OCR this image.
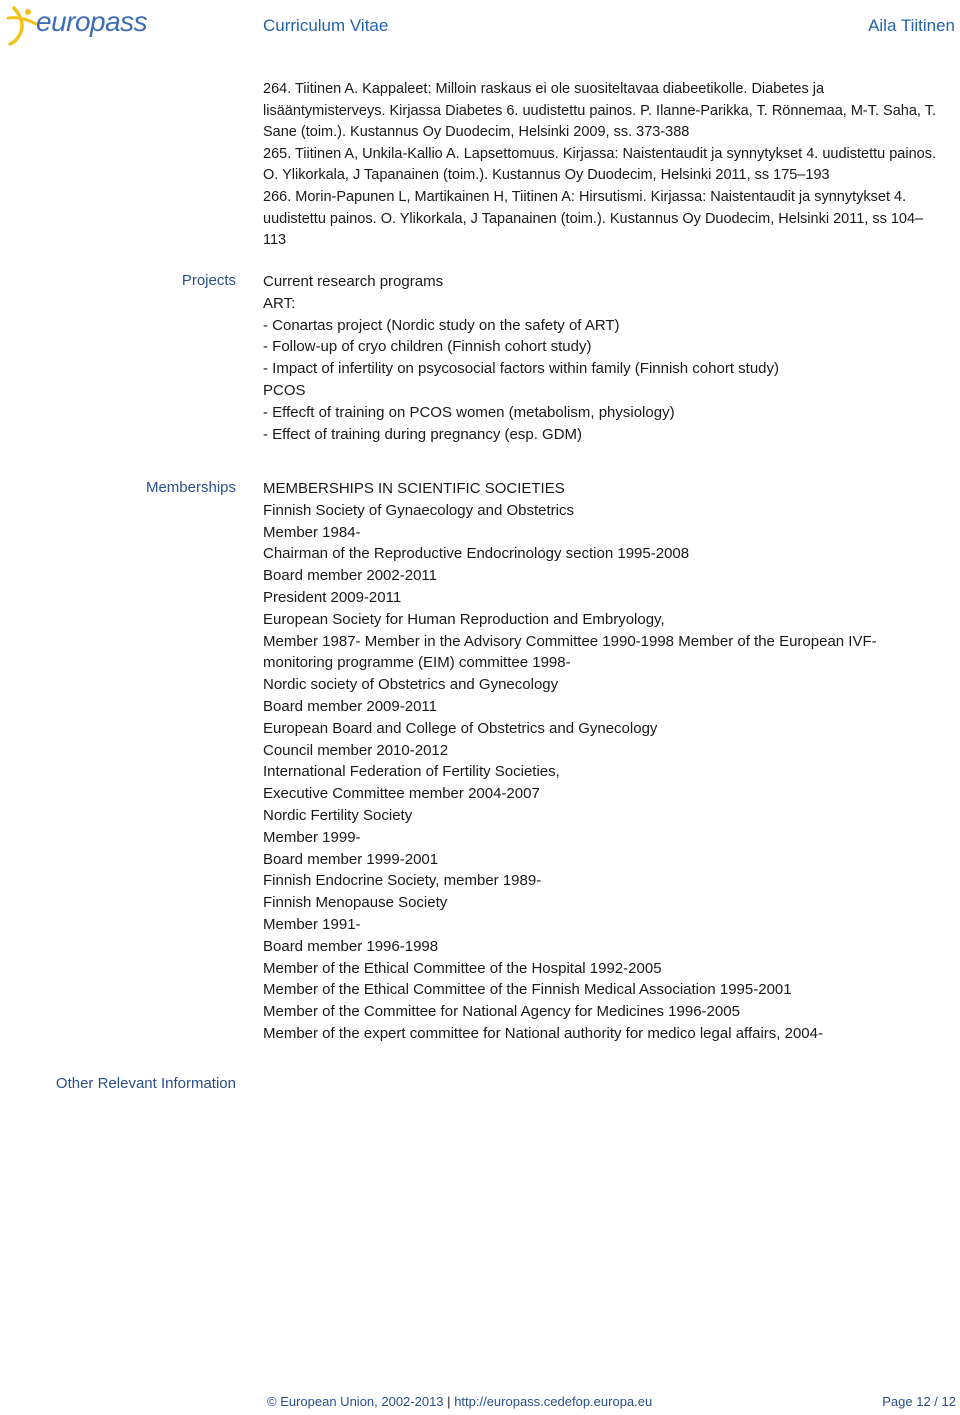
europass	Curriculum Vitae	Aila Tiitinen

264. Tiitinen A. Kappaleet: Milloin raskaus ei ole suositeltavaa diabeetikolle. Diabetes ja lisääntymisterveys. Kirjassa Diabetes 6. uudistettu painos. P. Ilanne-Parikka, T. Rönnemaa, M-T. Saha, T. Sane (toim.). Kustannus Oy Duodecim, Helsinki 2009, ss. 373-388

265. Tiitinen A, Unkila-Kallio A. Lapsettomuus. Kirjassa: Naistentaudit ja synnytykset 4. uudistettu painos. O. Ylikorkala, J Tapanainen (toim.). Kustannus Oy Duodecim, Helsinki 2011, ss 175–193

266. Morin-Papunen L, Martikainen H, Tiitinen A: Hirsutismi. Kirjassa: Naistentaudit ja synnytykset 4. uudistettu painos. O. Ylikorkala, J Tapanainen (toim.). Kustannus Oy Duodecim, Helsinki 2011, ss 104–113

Projects Current research programs
ART:
- Conartas project (Nordic study on the safety of ART)
- Follow-up of cryo children (Finnish cohort study)
- Impact of infertility on psycosocial factors within family (Finnish cohort study)
PCOS
- Effecft of training on PCOS women (metabolism, physiology)
- Effect of training during pregnancy (esp. GDM)
Memberships MEMBERSHIPS IN SCIENTIFIC SOCIETIES
Finnish Society of Gynaecology and Obstetrics
Member 1984-
Chairman of the Reproductive Endocrinology section 1995-2008
Board member 2002-2011
President 2009-2011
European Society for Human Reproduction and Embryology,
Member 1987- Member in the Advisory Committee 1990-1998 Member of the European IVF-monitoring programme (EIM) committee 1998-
Nordic society of Obstetrics and Gynecology
Board member 2009-2011
European Board and College of Obstetrics and Gynecology
Council member 2010-2012
International Federation of Fertility Societies,
Executive Committee member 2004-2007
Nordic Fertility Society
Member 1999-
Board member 1999-2001
Finnish Endocrine Society, member 1989-
Finnish Menopause Society
Member 1991-
Board member 1996-1998
Member of the Ethical Committee of the Hospital 1992-2005
Member of the Ethical Committee of the Finnish Medical Association 1995-2001
Member of the Committee for National Agency for Medicines 1996-2005
Member of the expert committee for National authority for medico legal affairs, 2004-
Other Relevant Information
© European Union, 2002-2013 | http://europass.cedefop.europa.eu	Page 12 / 12
